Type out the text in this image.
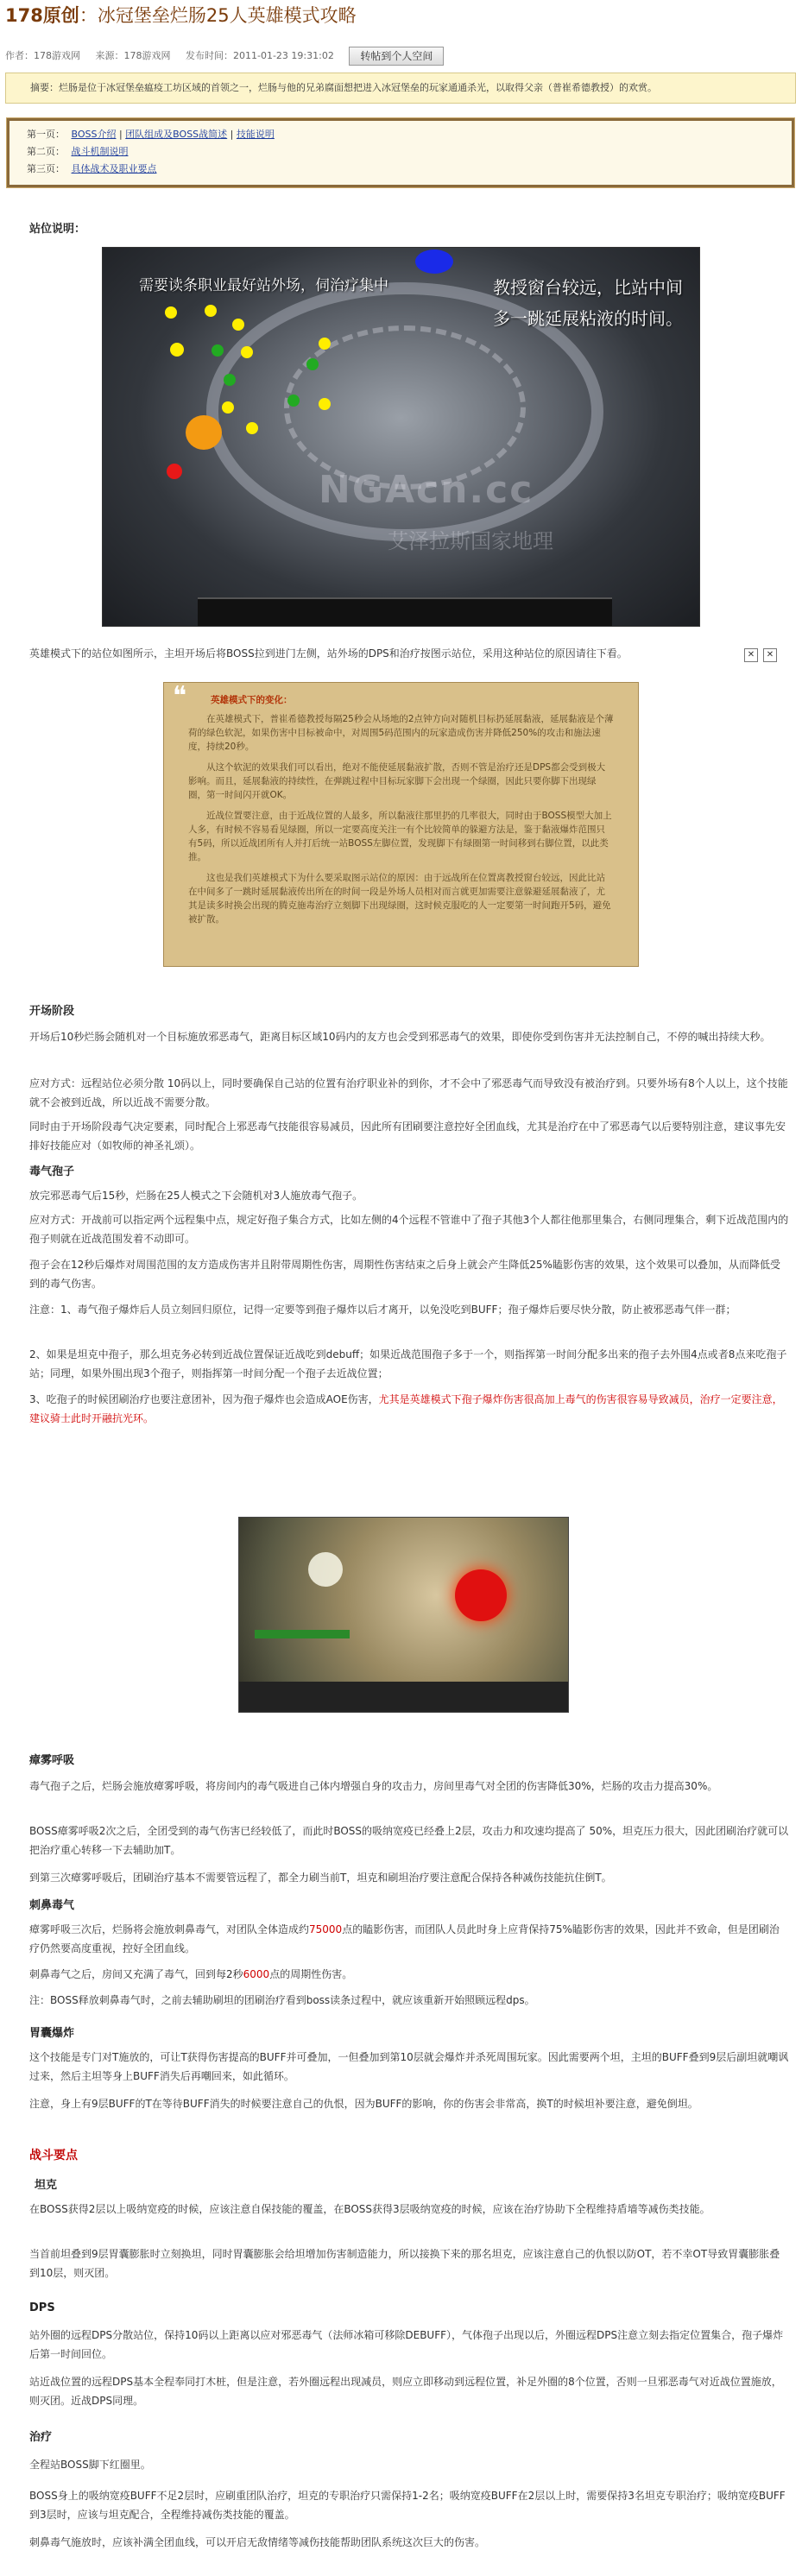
178原创：冰冠堡垒烂肠25人英雄模式攻略
作者：178游戏网 来源：178游戏网 发布时间：2011-01-23 19:31:02	转帖到个人空间
摘要：烂肠是位于冰冠堡垒瘟疫工坊区域的首领之一，烂肠与他的兄弟腐面想把进入冰冠堡垒的玩家通通杀光，以取得父亲（普崔希德教授）的欢赏。
第一页： BOSS介绍 | 团队组成及BOSS战简述 | 技能说明
第二页： 战斗机制说明
第三页： 具体战术及职业要点
站位说明：
需要读条职业最好站外场，伺治疗集中	教授窗台较远，比站中间多一跳延展粘液的时间。
NGAcn.cc
艾泽拉斯国家地理
英雄模式下的站位如图所示，主坦开场后将BOSS拉到进门左侧，站外场的DPS和治疗按图示站位，采用这种站位的原因请往下看。	✕ ✕
❝	英雄模式下的变化：

在英雄模式下，普崔希德教授每隔25秒会从场地的2点钟方向对随机目标扔延展黏液，延展黏液是个薄荷的绿色软泥，如果伤害中目标被命中，对周围5码范围内的玩家造成伤害并降低250%的攻击和施法速度，持续20秒。

从这个软泥的效果我们可以看出，绝对不能使延展黏液扩散，否则不管是治疗还是DPS都会受到极大影响。而且，延展黏液的持续性，在弹跳过程中目标玩家脚下会出现一个绿圈，因此只要你脚下出现绿圈，第一时间闪开就OK。

近战位置要注意，由于近战位置的人最多，所以黏液往那里扔的几率很大，同时由于BOSS模型大加上人多，有时候不容易看见绿圈，所以一定要高度关注一有个比较简单的躲避方法是，鉴于黏液爆炸范围只有5码，所以近战团所有人并打后统一站BOSS左脚位置，发现脚下有绿圈第一时间移到右脚位置，以此类推。

这也是我们英雄模式下为什么要采取图示站位的原因：由于远战所在位置离教授窗台较远，因此比站在中间多了一跳时延展黏液传出所在的时间一段是外场人员相对而言就更加需要注意躲避延展黏液了，尤其是读多时换会出现的腾克施毒治疗立刻脚下出现绿圈，这时候克服吃的人一定要第一时间跑开5码，避免被扩散。

开场阶段
开场后10秒烂肠会随机对一个目标施放邪恶毒气，距离目标区域10码内的友方也会受到邪恶毒气的效果，即使你受到伤害并无法控制自己，不停的喊出持续大秒。
应对方式：远程站位必须分散 10码以上，同时要确保自己站的位置有治疗职业补的到你，才不会中了邪恶毒气而导致没有被治疗到。只要外场有8个人以上，这个技能就不会被到近战，所以近战不需要分散。
同时由于开场阶段毒气决定要素，同时配合上邪恶毒气技能很容易减员，因此所有团刷要注意控好全团血线，尤其是治疗在中了邪恶毒气以后要特别注意，建议事先安排好技能应对（如牧师的神圣礼颂）。
毒气孢子
放完邪恶毒气后15秒，烂肠在25人模式之下会随机对3人施放毒气孢子。
应对方式：开战前可以指定两个远程集中点，规定好孢子集合方式，比如左侧的4个远程不管谁中了孢子其他3个人都往他那里集合，右侧同理集合，剩下近战范围内的孢子则就在近战范围发着不动即可。
孢子会在12秒后爆炸对周围范围的友方造成伤害并且附带周期性伤害，周期性伤害结束之后身上就会产生降低25%瞌影伤害的效果，这个效果可以叠加，从而降低受到的毒气伤害。
注意：1、毒气孢子爆炸后人员立刻回归原位，记得一定要等到孢子爆炸以后才离开，以免没吃到BUFF；孢子爆炸后要尽快分散，防止被邪恶毒气伴一群；
2、如果是坦克中孢子，那么坦克务必转到近战位置保证近战吃到debuff；如果近战范围孢子多于一个，则指挥第一时间分配多出来的孢子去外围4点或者8点来吃孢子站；同理，如果外围出现3个孢子，则指挥第一时间分配一个孢子去近战位置；
3、吃孢子的时候团刷治疗也要注意团补，因为孢子爆炸也会造成AOE伤害，尤其是英雄模式下孢子爆炸伤害很高加上毒气的伤害很容易导致减员，治疗一定要注意，建议骑士此时开融抗光环。
瘴雾呼吸
毒气孢子之后，烂肠会施放瘴雾呼吸，将房间内的毒气吸进自己体内增强自身的攻击力，房间里毒气对全团的伤害降低30%，烂肠的攻击力提高30%。
BOSS瘴雾呼吸2次之后，全团受到的毒气伤害已经较低了，而此时BOSS的吸纳宽疫已经叠上2层，攻击力和攻速均提高了 50%，坦克压力很大，因此团刷治疗就可以把治疗重心转移一下去辅助加T。
到第三次瘴雾呼吸后，团刷治疗基本不需要管远程了，都全力刷当前T，坦克和刷坦治疗要注意配合保持各种减伤技能抗住倒T。
刺鼻毒气
瘴雾呼吸三次后，烂肠将会施放刺鼻毒气，对团队全体造成约75000点的瞌影伤害，而团队人员此时身上应背保持75%瞌影伤害的效果，因此并不致命，但是团刷治疗仍然要高度重视，控好全团血线。
刺鼻毒气之后，房间又充满了毒气，回到每2秒6000点的周期性伤害。
注：BOSS释放刺鼻毒气时，之前去辅助刷坦的团刷治疗看到boss读条过程中，就应该重新开始照顾远程dps。
胃囊爆炸
这个技能是专门对T施放的，可让T获得伤害提高的BUFF并可叠加，一但叠加到第10层就会爆炸并杀死周围玩家。因此需要两个坦，主坦的BUFF叠到9层后副坦就嘲讽过来，然后主坦等身上BUFF消失后再嘲回来，如此循环。
注意，身上有9层BUFF的T在等待BUFF消失的时候要注意自己的仇恨，因为BUFF的影响，你的伤害会非常高，换T的时候坦补要注意，避免倒坦。
战斗要点
坦克
在BOSS获得2层以上吸纳宽疫的时候，应该注意自保技能的覆盖，在BOSS获得3层吸纳宽疫的时候，应该在治疗协助下全程维持盾墙等减伤类技能。
当首前坦叠到9层胃囊膨胀时立刻换坦，同时胃囊膨胀会给坦增加伤害制造能力，所以接换下来的那名坦克，应该注意自己的仇恨以防OT，若不幸OT导致胃囊膨胀叠到10层，则灭团。
DPS
站外圈的远程DPS分散站位，保持10码以上距离以应对邪恶毒气（法师冰箱可移除DEBUFF），气体孢子出现以后，外圈远程DPS注意立刻去指定位置集合，孢子爆炸后第一时间回位。
站近战位置的远程DPS基本全程奉同打木桩，但是注意，若外圈远程出现减员，则应立即移动到远程位置，补足外圈的8个位置，否则一旦邪恶毒气对近战位置施放，则灭团。近战DPS同理。
治疗
全程站BOSS脚下红圈里。
BOSS身上的吸纳宽疫BUFF不足2层时，应刷重团队治疗，坦克的专职治疗只需保持1-2名；吸纳宽疫BUFF在2层以上时，需要保持3名坦克专职治疗；吸纳宽疫BUFF到3层时，应该与坦克配合，全程维持减伤类技能的覆盖。
刺鼻毒气施放时，应该补满全团血线，可以开启无敌情绪等减伤技能帮助团队系统这次巨大的伤害。
